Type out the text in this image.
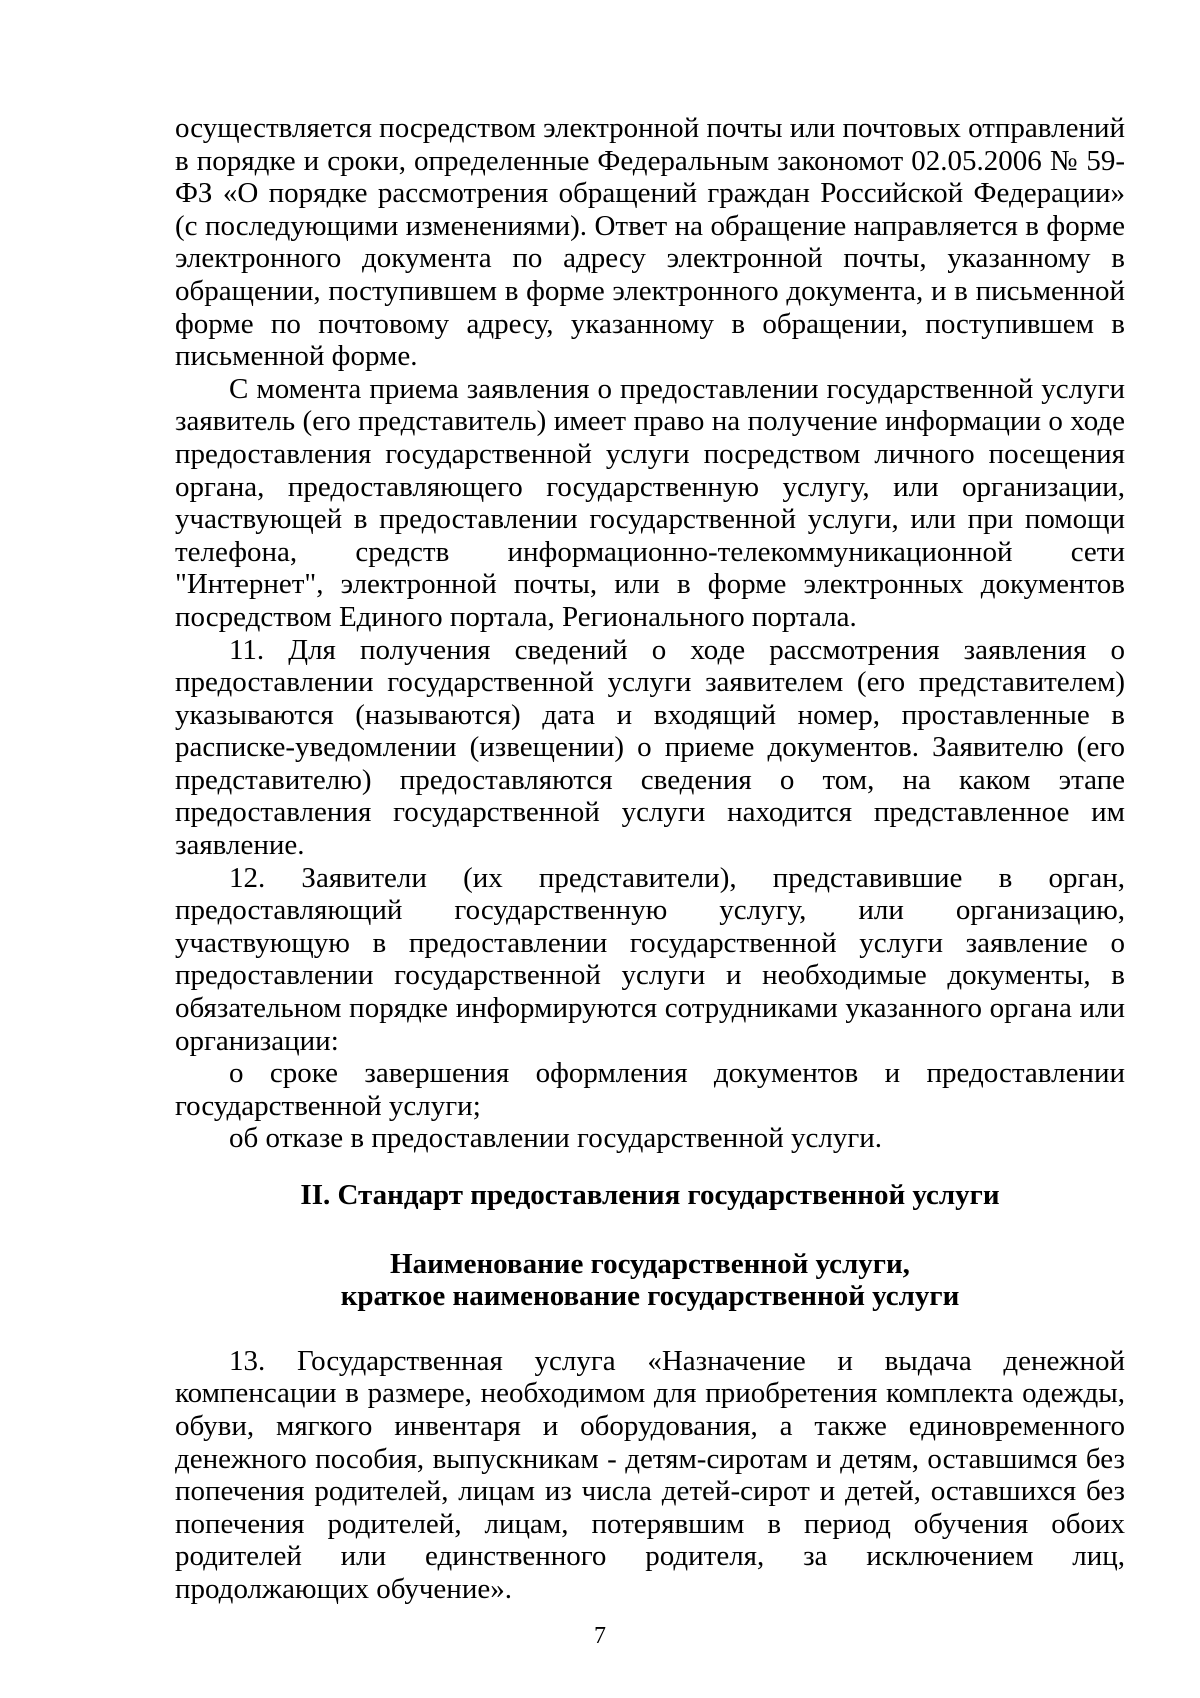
осуществляется посредством электронной почты или почтовых отправлений в порядке и сроки, определенные Федеральным закономот 02.05.2006 № 59-ФЗ «О порядке рассмотрения обращений граждан Российской Федерации» (с последующими изменениями). Ответ на обращение направляется в форме электронного документа по адресу электронной почты, указанному в обращении, поступившем в форме электронного документа, и в письменной форме по почтовому адресу, указанному в обращении, поступившем в письменной форме.

С момента приема заявления о предоставлении государственной услуги заявитель (его представитель) имеет право на получение информации о ходе предоставления государственной услуги посредством личного посещения органа, предоставляющего государственную услугу, или организации, участвующей в предоставлении государственной услуги, или при помощи телефона, средств информационно-телекоммуникационной сети "Интернет", электронной почты, или в форме электронных документов посредством Единого портала, Регионального портала.

11. Для получения сведений о ходе рассмотрения заявления о предоставлении государственной услуги заявителем (его представителем) указываются (называются) дата и входящий номер, проставленные в расписке-уведомлении (извещении) о приеме документов. Заявителю (его представителю) предоставляются сведения о том, на каком этапе предоставления государственной услуги находится представленное им заявление.

12. Заявители (их представители), представившие в орган, предоставляющий государственную услугу, или организацию, участвующую в предоставлении государственной услуги заявление о предоставлении государственной услуги и необходимые документы, в обязательном порядке информируются сотрудниками указанного органа или организации:

о сроке завершения оформления документов и предоставлении государственной услуги;

об отказе в предоставлении государственной услуги.

II. Стандарт предоставления государственной услуги

Наименование государственной услуги,
краткое наименование государственной услуги

13. Государственная услуга «Назначение и выдача денежной компенсации в размере, необходимом для приобретения комплекта одежды, обуви, мягкого инвентаря и оборудования, а также единовременного денежного пособия, выпускникам - детям-сиротам и детям, оставшимся без попечения родителей, лицам из числа детей-сирот и детей, оставшихся без попечения родителей, лицам, потерявшим в период обучения обоих родителей или единственного родителя, за исключением лиц, продолжающих обучение».

7
